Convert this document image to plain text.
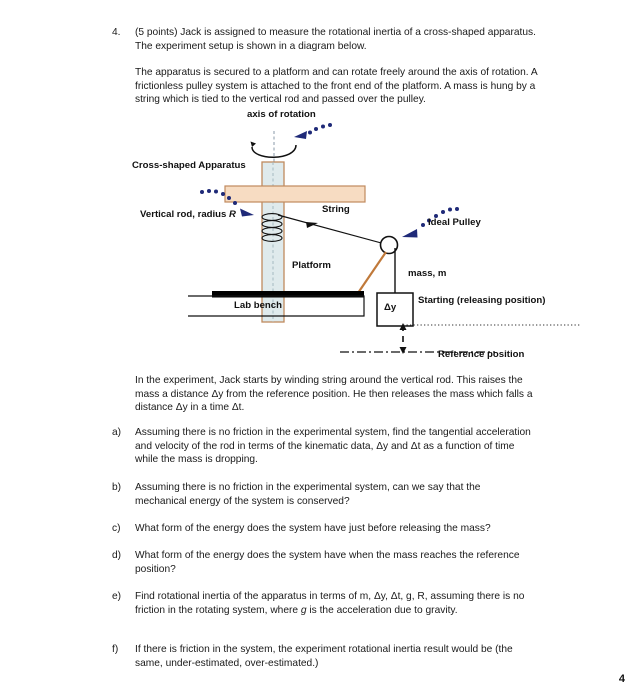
4.	(5 points) Jack is assigned to measure the rotational inertia of a cross-shaped apparatus. The experiment setup is shown in a diagram below.

The apparatus is secured to a platform and can rotate freely around the axis of rotation. A frictionless pulley system is attached to the front end of the platform. A mass is hung by a string which is tied to the vertical rod and passed over the pulley.

axis of rotation
Cross-shaped Apparatus
Vertical rod, radius R	String
Ideal Pulley
Platform
Lab bench
mass, m
Δy
Starting (releasing position)
Reference position

In the experiment, Jack starts by winding string around the vertical rod. This raises the mass a distance Δy from the reference position. He then releases the mass which falls a distance Δy in a time Δt.

a)	Assuming there is no friction in the experimental system, find the tangential acceleration and velocity of the rod in terms of the kinematic data, Δy and Δt as a function of time while the mass is dropping.

b)	Assuming there is no friction in the experimental system, can we say that the mechanical energy of the system is conserved?

c)	What form of the energy does the system have just before releasing the mass?

d)	What form of the energy does the system have when the mass reaches the reference position?

e)	Find rotational inertia of the apparatus in terms of m, Δy, Δt, g, R, assuming there is no friction in the rotating system, where g is the acceleration due to gravity.

f)	If there is friction in the system, the experiment rotational inertia result would be (the same, under-estimated, over-estimated.)

4
